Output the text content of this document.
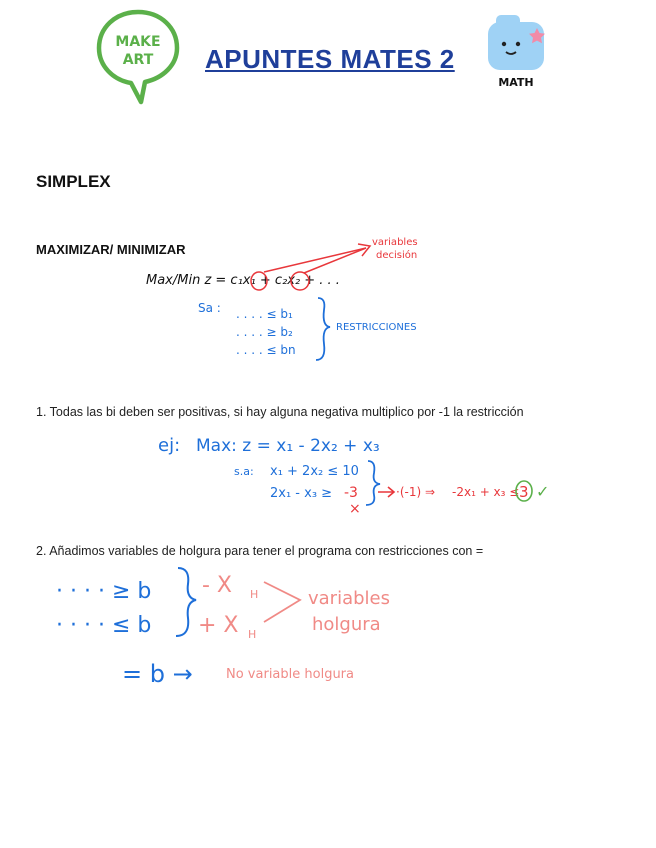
MAKE
ART APUNTES MATES 2
MATH
SIMPLEX
MAXIMIZAR/ MINIMIZAR
Max/Min z = c₁x₁ + c₂x₂ + . . .
variables
decisión
Sa : . . . . ≤ b₁
. . . . ≥ b₂
. . . . ≤ bn
RESTRICCIONES
1. Todas las bi deben ser positivas, si hay alguna negativa multiplico por -1 la restricción
ej: Max: z = x₁ - 2x₂ + x₃
s.a: x₁ + 2x₂ ≤ 10
2x₁ - x₃ ≥ -3
×
·(-1) ⇒ -2x₁ + x₃ ≤ 3 ✓
2. Añadimos variables de holgura para tener el programa con restricciones con =
· · · · ≥ b
· · · · ≤ b
- X H
+ X H
variables
holgura
= b →	No variable holgura
